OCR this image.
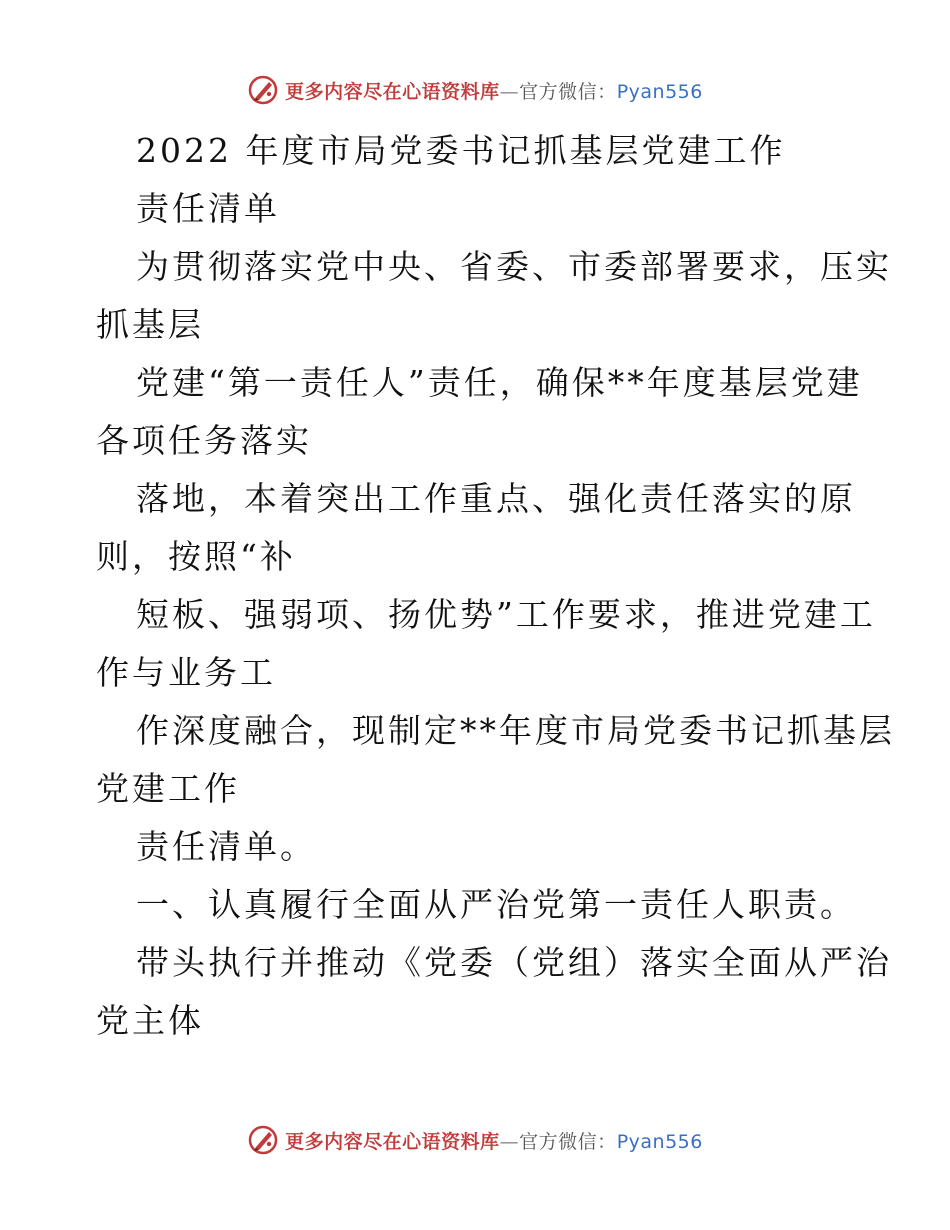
更多内容尽在心语资料库—官方微信：Pyan556
2022 年度市局党委书记抓基层党建工作
责任清单
为贯彻落实党中央、省委、市委部署要求，压实
抓基层
党建“第一责任人”责任，确保**年度基层党建
各项任务落实
落地，本着突出工作重点、强化责任落实的原
则，按照“补
短板、强弱项、扬优势”工作要求，推进党建工
作与业务工
作深度融合，现制定**年度市局党委书记抓基层
党建工作
责任清单。
一、认真履行全面从严治党第一责任人职责。
带头执行并推动《党委（党组）落实全面从严治
党主体
更多内容尽在心语资料库—官方微信：Pyan556
